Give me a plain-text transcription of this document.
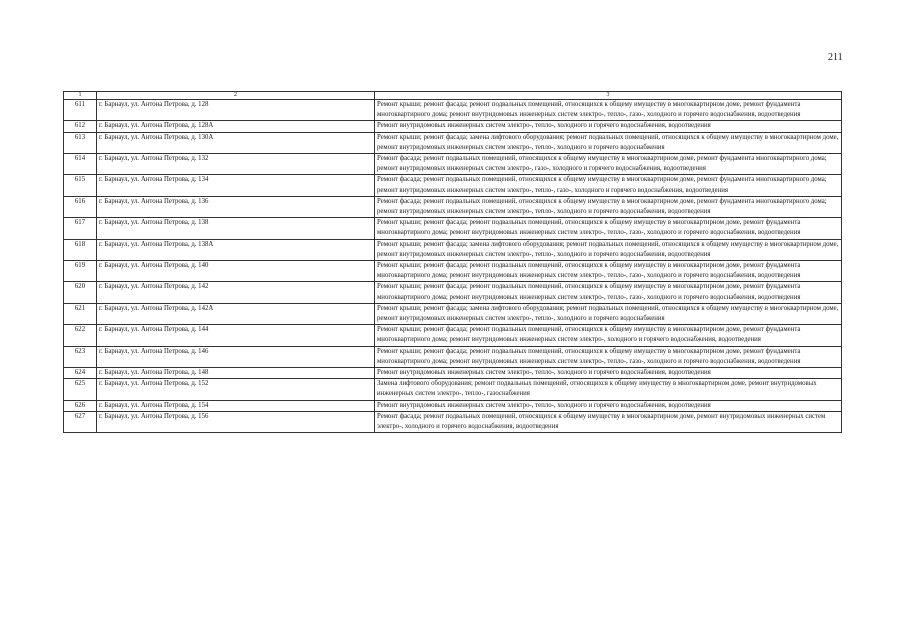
211
1	2	3
611	г. Барнаул, ул. Антона Петрова, д. 128	Ремонт крыши; ремонт фасада; ремонт подвальных помещений, относящихся к общему имуществу в многоквартирном доме, ремонт фундамента многоквартирного дома; ремонт внутридомовых инженерных систем электро-, тепло-, газо-, холодного и горячего водоснабжения, водоотведения
612	г. Барнаул, ул. Антона Петрова, д. 128А	Ремонт внутридомовых инженерных систем электро-, тепло-, холодного и горячего водоснабжения, водоотведения
613	г. Барнаул, ул. Антона Петрова, д. 130А	Ремонт крыши; ремонт фасада; замена лифтового оборудования; ремонт подвальных помещений, относящихся к общему имуществу в многоквартирном доме, ремонт внутридомовых инженерных систем электро-, тепло-, холодного и горячего водоснабжения
614	г. Барнаул, ул. Антона Петрова, д. 132	Ремонт фасада; ремонт подвальных помещений, относящихся к общему имуществу в многоквартирном доме, ремонт фундамента многоквартирного дома; ремонт внутридомовых инженерных систем электро-, газо-, холодного и горячего водоснабжения, водоотведения
615	г. Барнаул, ул. Антона Петрова, д. 134	Ремонт фасада; ремонт подвальных помещений, относящихся к общему имуществу в многоквартирном доме, ремонт фундамента многоквартирного дома; ремонт внутридомовых инженерных систем электро-, тепло-, газо-, холодного и горячего водоснабжения, водоотведения
616	г. Барнаул, ул. Антона Петрова, д. 136	Ремонт фасада; ремонт подвальных помещений, относящихся к общему имуществу в многоквартирном доме, ремонт фундамента многоквартирного дома; ремонт внутридомовых инженерных систем электро-, тепло-, холодного и горячего водоснабжения, водоотведения
617	г. Барнаул, ул. Антона Петрова, д. 138	Ремонт крыши; ремонт фасада; ремонт подвальных помещений, относящихся к общему имуществу в многоквартирном доме, ремонт фундамента многоквартирного дома; ремонт внутридомовых инженерных систем электро-, тепло-, газо-, холодного и горячего водоснабжения, водоотведения
618	г. Барнаул, ул. Антона Петрова, д. 138А	Ремонт крыши; ремонт фасада; замена лифтового оборудования; ремонт подвальных помещений, относящихся к общему имуществу в многоквартирном доме, ремонт внутридомовых инженерных систем электро-, тепло-, холодного и горячего водоснабжения, водоотведения
619	г. Барнаул, ул. Антона Петрова, д. 140	Ремонт крыши; ремонт фасада; ремонт подвальных помещений, относящихся к общему имуществу в многоквартирном доме, ремонт фундамента многоквартирного дома; ремонт внутридомовых инженерных систем электро-, тепло-, газо-, холодного и горячего водоснабжения, водоотведения
620	г. Барнаул, ул. Антона Петрова, д. 142	Ремонт крыши; ремонт фасада; ремонт подвальных помещений, относящихся к общему имуществу в многоквартирном доме, ремонт фундамента многоквартирного дома; ремонт внутридомовых инженерных систем электро-, тепло-, газо-, холодного и горячего водоснабжения, водоотведения
621	г. Барнаул, ул. Антона Петрова, д. 142А	Ремонт крыши; ремонт фасада; замена лифтового оборудования; ремонт подвальных помещений, относящихся к общему имуществу в многоквартирном доме, ремонт внутридомовых инженерных систем электро-, тепло-, холодного и горячего водоснабжения
622	г. Барнаул, ул. Антона Петрова, д. 144	Ремонт крыши; ремонт фасада; ремонт подвальных помещений, относящихся к общему имуществу в многоквартирном доме, ремонт фундамента многоквартирного дома; ремонт внутридомовых инженерных систем электро-, холодного и горячего водоснабжения, водоотведения
623	г. Барнаул, ул. Антона Петрова, д. 146	Ремонт крыши; ремонт фасада; ремонт подвальных помещений, относящихся к общему имуществу в многоквартирном доме, ремонт фундамента многоквартирного дома; ремонт внутридомовых инженерных систем электро-, тепло-, газо-, холодного и горячего водоснабжения, водоотведения
624	г. Барнаул, ул. Антона Петрова, д. 148	Ремонт внутридомовых инженерных систем электро-, тепло-, холодного и горячего водоснабжения, водоотведения
625	г. Барнаул, ул. Антона Петрова, д. 152	Замена лифтового оборудования; ремонт подвальных помещений, относящихся к общему имуществу в многоквартирном доме, ремонт внутридомовых инженерных систем электро-, тепло-, газоснабжения
626	г. Барнаул, ул. Антона Петрова, д. 154	Ремонт внутридомовых инженерных систем электро-, тепло-, холодного и горячего водоснабжения, водоотведения
627	г. Барнаул, ул. Антона Петрова, д. 156	Ремонт фасада; ремонт подвальных помещений, относящихся к общему имуществу в многоквартирном доме, ремонт внутридомовых инженерных систем электро-, холодного и горячего водоснабжения, водоотведения
